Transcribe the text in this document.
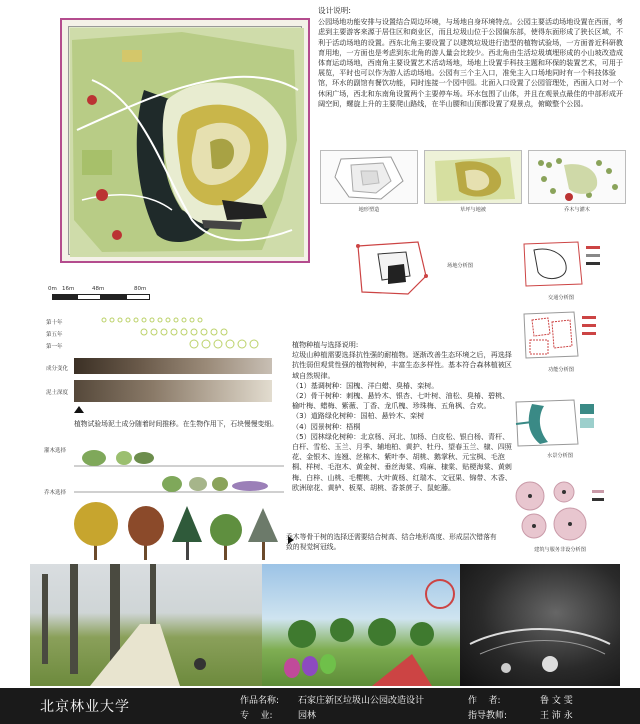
设计说明:

公园场地功能安排与设置结合周边环境，与场地自身环境特点。公园主要活动场地设置在西面，考虑到主要游客来源于居住区和商业区，而且垃圾山位于公园偏东部，使得东面形成了狭长区域，不利于活动场地的设置。西东北角主要设置了以建筑垃圾进行造型的植物试验场，一方面普近科研教育用地，一方面也是考虑到东北角的游人量会比较少。西北角由生活垃圾填埋形成的小山坡改造成体育运动场地，西南角主要设置艺术活动场地，场地上设置手科技主题和环保的装置艺术，可用于展览，平时也可以作为游人活动场地。公园有三个主入口，准免主入口场地同时有一个科技体验馆，环水的副馆有餐饮功能，同时连接一个园中园。北面入口设置了公园管理处，西面入口对一个休闲广场，西北和东南角设置两个主要停车场。环水包围了山体，并且在观景点最佳的中部形成开阔空间，螺旋上升的主要爬山路线，在半山腰和山顶都设置了观景点，俯瞰整个公园。

地形塑造	草坪与地被	乔木与灌木
场地分析图
交通分析图
功能分析图
水景分析图
建筑与服务非设分析图
0m 16m	48m	80m
第十年
第五年
第一年
成分变化
泥土深度
植物试验场泥土成分随着时间推移。在生物作用下，石块慢慢变细。
灌木选择
乔木选择
植物种植与选择说明:
垃圾山种植需要选择抗性强的耐植物。逐渐改善生态环境之后，再选择抗性弱但观赏性强的植物树种，丰富生态多样性。基本符合森林植被区域自然规律。
（1）基调树种：国槐、洋白蜡、臭椿、栾树。
（2）骨干树种：刺槐、悬铃木、银杏、七叶树、油松、臭椿、碧桃、榆叶梅、蜡梅、紫薇、丁香、龙爪槐、珍珠梅、五角枫、合欢。
（3）道路绿化树种：国柏、悬铃木、栾树
（4）园景树种：梧桐
（5）园林绿化树种：北京杨、河北、加杨、白皮松、银白杨、青杆、白杆、雪松、玉兰、月季、辅地柏、黄护、牡丹、望春玉兰、棣、四照花、金银木、连翘、丝棉木、紫叶李、胡桃、鹅掌秋、元宝枫、毛泡桐、样树、毛泡木、黄金树、垂丝海棠、鸡麻、棣棠、贴梗海棠、黄刺梅、白梓、山桃、毛樱桃、大叶黄杨、红瑞木、文冠果、锦带、木香、欧洲琼花、黄栌、板栗、胡桃、香茶蔗子、鼠蛇藤。
乔木等骨干树的选择还需要结合树高、结合地形高度、形成层次错落有致的视觉轲冠线。
北京林业大学	作品名称: 石家庄新区垃圾山公园改造设计	作    者:	鲁 文 雯
专    业:	园林	指导教师:	王 沛 永
